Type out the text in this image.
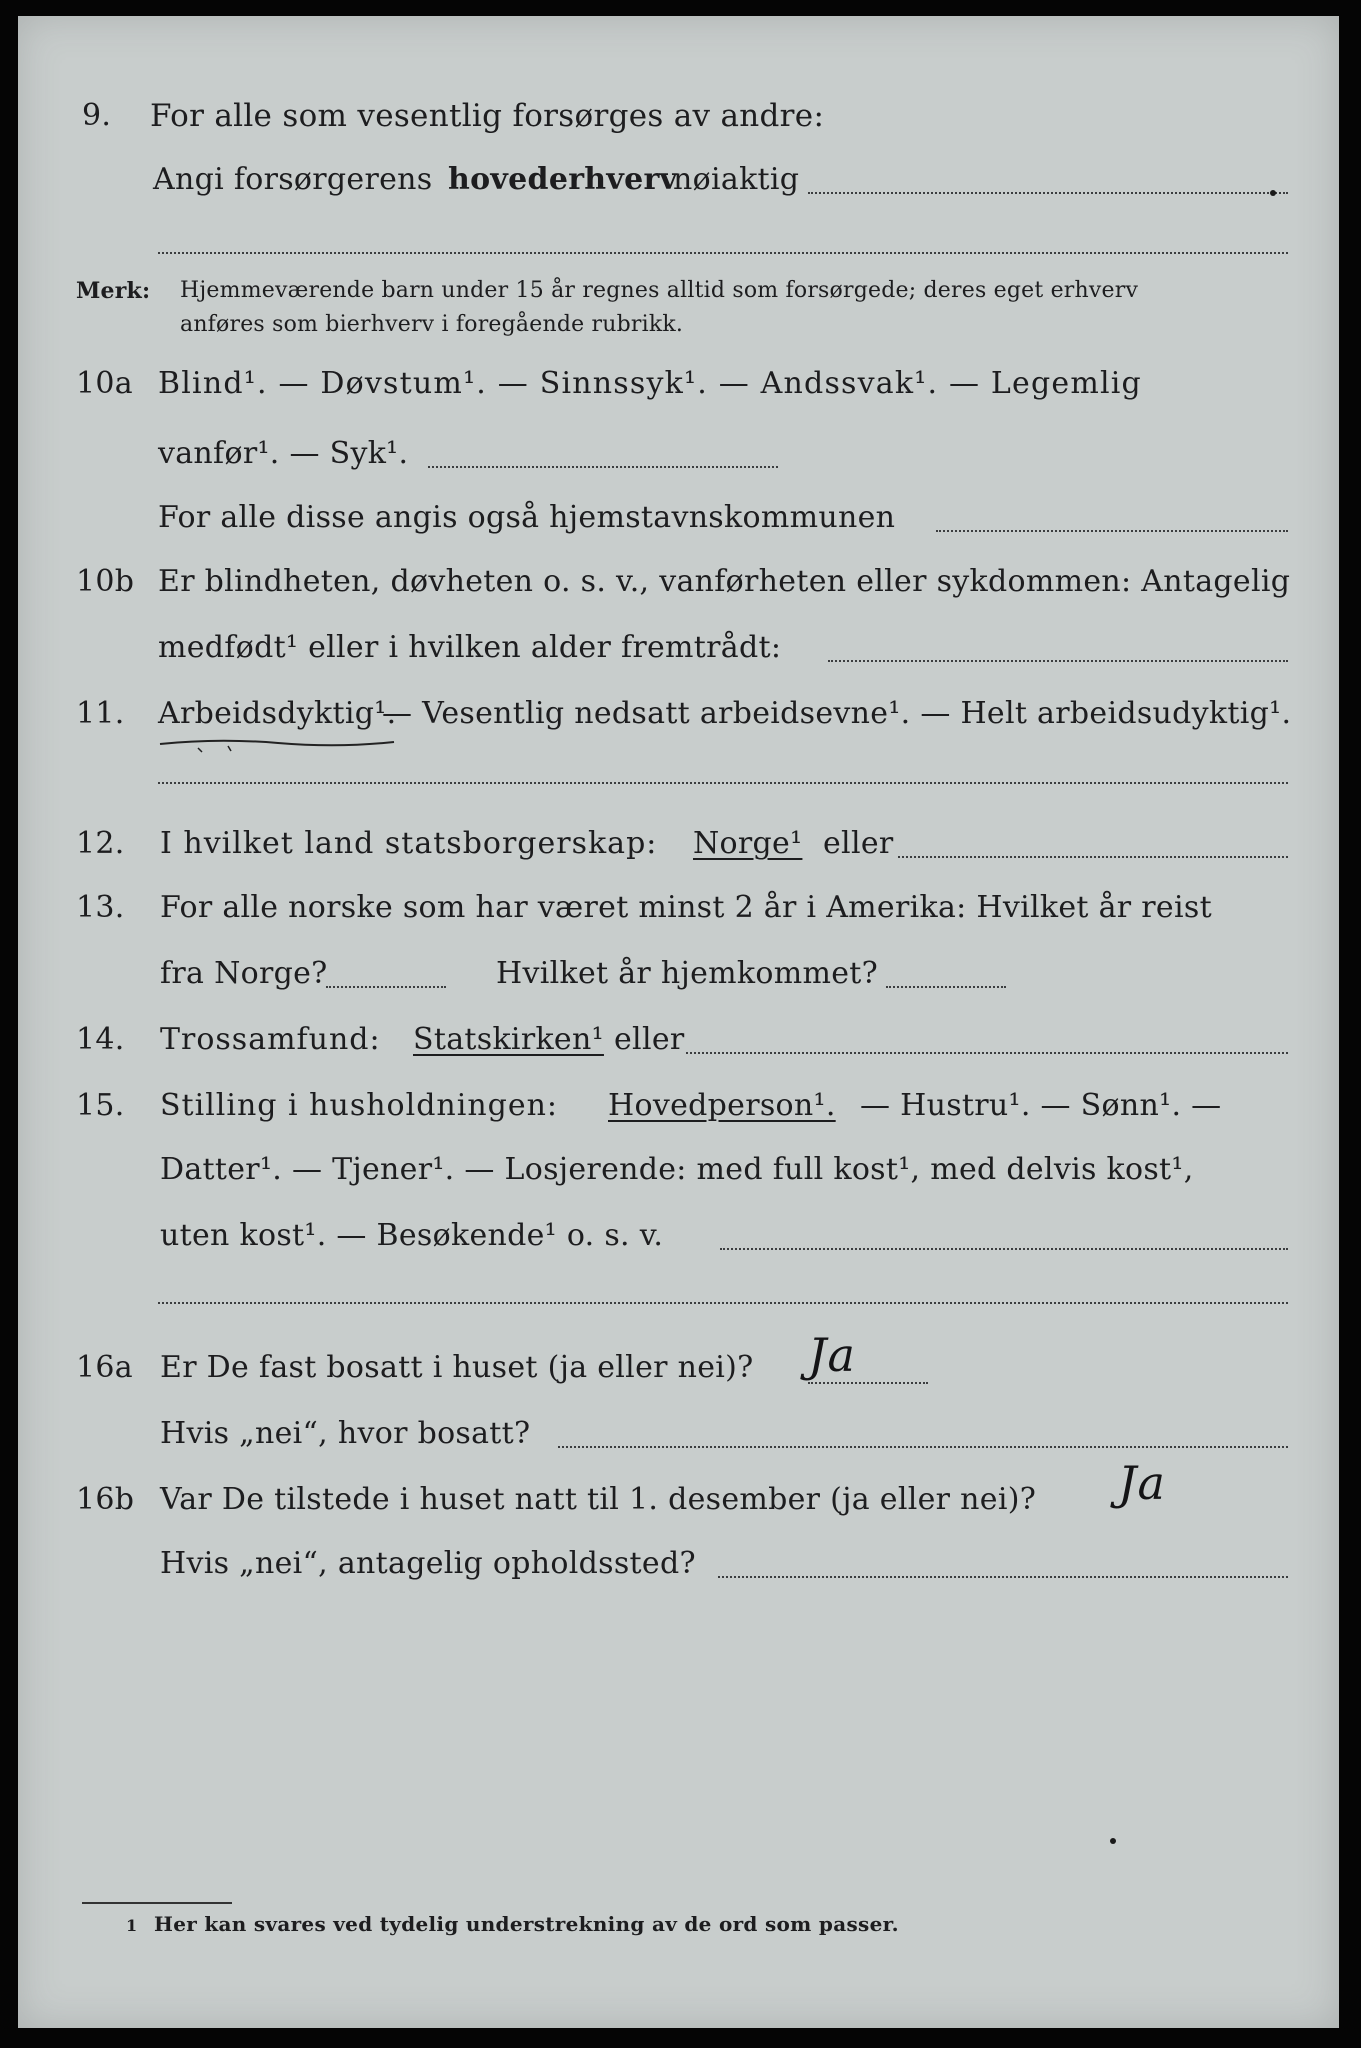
9. For alle som vesentlig forsørges av andre:
Angi forsørgerens hovederhverv
nøiaktig
Merk: Hjemmeværende barn under 15 år regnes alltid som forsørgede; deres eget erhverv
anføres som bierhverv i foregående rubrikk.
10a Blind¹. — Døvstum¹. — Sinnssyk¹. — Andssvak¹. — Legemlig
vanfør¹. — Syk¹.
For alle disse angis også hjemstavnskommunen
10b Er blindheten, døvheten o. s. v., vanførheten eller sykdommen: Antagelig
medfødt¹ eller i hvilken alder fremtrådt:
11. Arbeidsdyktig¹.
— Vesentlig nedsatt arbeidsevne¹. — Helt arbeidsudyktig¹.
12. I hvilket land statsborgerskap: Norge¹ eller
13. For alle norske som har været minst 2 år i Amerika: Hvilket år reist
fra Norge?	Hvilket år hjemkommet?
14. Trossamfund: Statskirken¹ eller
15. Stilling i husholdningen: Hovedperson¹. — Hustru¹. — Sønn¹. —
Datter¹. — Tjener¹. — Losjerende: med full kost¹, med delvis kost¹,
uten kost¹. — Besøkende¹ o. s. v.
16a Er De fast bosatt i huset (ja eller nei)? Ja
Hvis „nei“, hvor bosatt?
16b Var De tilstede i huset natt til 1. desember (ja eller nei)? Ja
Hvis „nei“, antagelig opholdssted?
1 Her kan svares ved tydelig understrekning av de ord som passer.
